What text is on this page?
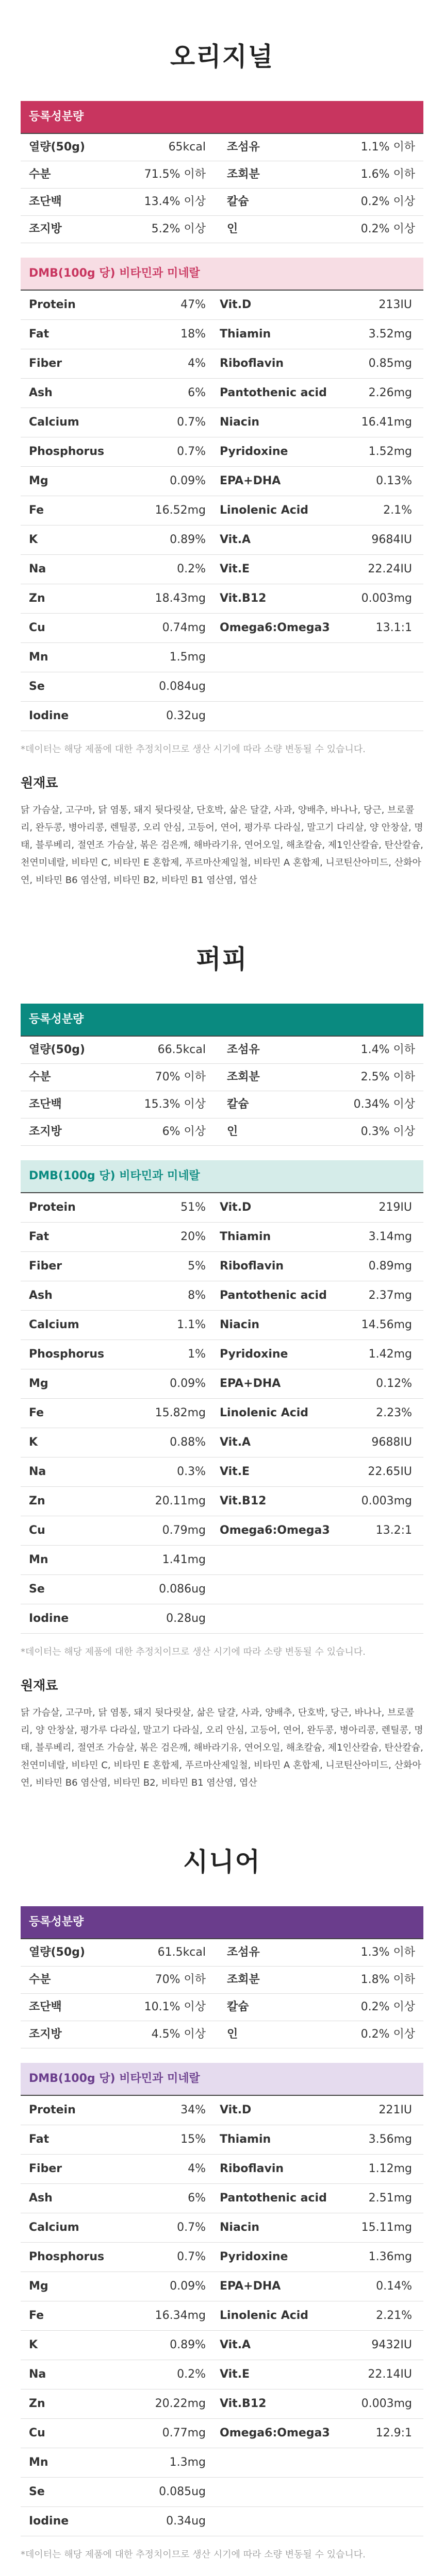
오리지널
등록성분량
열량(50g)	65kcal 조섬유	1.1% 이하
수분	71.5% 이하 조회분	1.6% 이하
조단백	13.4% 이상 칼슘	0.2% 이상
조지방	5.2% 이상 인	0.2% 이상
DMB(100g 당) 비타민과 미네랄
Protein	47% Vit.D	213IU
Fat	18% Thiamin	3.52mg
Fiber	4% Riboflavin	0.85mg
Ash	6% Pantothenic acid	2.26mg
Calcium	0.7% Niacin	16.41mg
Phosphorus	0.7% Pyridoxine	1.52mg
Mg	0.09% EPA+DHA	0.13%
Fe	16.52mg Linolenic Acid	2.1%
K	0.89% Vit.A	9684IU
Na	0.2% Vit.E	22.24IU
Zn	18.43mg Vit.B12	0.003mg
Cu	0.74mg Omega6:Omega3	13.1:1
Mn	1.5mg
Se	0.084ug
Iodine	0.32ug
*데이터는 해당 제품에 대한 추정치이므로 생산 시기에 따라 소량 변동될 수 있습니다.
원재료
닭 가슴살, 고구마, 닭 염통, 돼지 뒷다릿살, 단호박, 삶은 달걀, 사과, 양배추, 바나나, 당근, 브로콜리, 완두콩, 병아리콩, 렌틸콩, 오리 안심, 고등어, 연어, 평가루 다라실, 말고기 다리살, 양 안창살, 명태, 블루베리, 절연조 가슴살, 볶은 검은깨, 해바라기유, 연어오일, 해초칼슘, 제1인산칼슘, 탄산칼슘, 천연미네랄, 비타민 C, 비타민 E 혼합제, 푸르마산제일철, 비타민 A 혼합제, 니코틴산아미드, 산화아연, 비타민 B6 염산염, 비타민 B2, 비타민 B1 염산염, 엽산
퍼피
등록성분량
열량(50g)	66.5kcal 조섬유	1.4% 이하
수분	70% 이하 조회분	2.5% 이하
조단백	15.3% 이상 칼슘	0.34% 이상
조지방	6% 이상 인	0.3% 이상
DMB(100g 당) 비타민과 미네랄
Protein	51% Vit.D	219IU
Fat	20% Thiamin	3.14mg
Fiber	5% Riboflavin	0.89mg
Ash	8% Pantothenic acid	2.37mg
Calcium	1.1% Niacin	14.56mg
Phosphorus	1% Pyridoxine	1.42mg
Mg	0.09% EPA+DHA	0.12%
Fe	15.82mg Linolenic Acid	2.23%
K	0.88% Vit.A	9688IU
Na	0.3% Vit.E	22.65IU
Zn	20.11mg Vit.B12	0.003mg
Cu	0.79mg Omega6:Omega3	13.2:1
Mn	1.41mg
Se	0.086ug
Iodine	0.28ug
*데이터는 해당 제품에 대한 추정치이므로 생산 시기에 따라 소량 변동될 수 있습니다.
원재료
닭 가슴살, 고구마, 닭 염통, 돼지 뒷다릿살, 삶은 달걀, 사과, 양배추, 단호박, 당근, 바나나, 브로콜리, 양 안창살, 평가루 다라실, 말고기 다라실, 오리 안심, 고등어, 연어, 완두콩, 병아리콩, 렌틸콩, 명태, 블루베리, 절연조 가슴살, 볶은 검은깨, 해바라기유, 연어오일, 해초칼슘, 제1인산칼슘, 탄산칼슘, 천연미네랄, 비타민 C, 비타민 E 혼합제, 푸르마산제일철, 비타민 A 혼합제, 니코틴산아미드, 산화아연, 비타민 B6 염산염, 비타민 B2, 비타민 B1 염산염, 엽산
시니어
등록성분량
열량(50g)	61.5kcal 조섬유	1.3% 이하
수분	70% 이하 조회분	1.8% 이하
조단백	10.1% 이상 칼슘	0.2% 이상
조지방	4.5% 이상 인	0.2% 이상
DMB(100g 당) 비타민과 미네랄
Protein	34% Vit.D	221IU
Fat	15% Thiamin	3.56mg
Fiber	4% Riboflavin	1.12mg
Ash	6% Pantothenic acid	2.51mg
Calcium	0.7% Niacin	15.11mg
Phosphorus	0.7% Pyridoxine	1.36mg
Mg	0.09% EPA+DHA	0.14%
Fe	16.34mg Linolenic Acid	2.21%
K	0.89% Vit.A	9432IU
Na	0.2% Vit.E	22.14IU
Zn	20.22mg Vit.B12	0.003mg
Cu	0.77mg Omega6:Omega3	12.9:1
Mn	1.3mg
Se	0.085ug
Iodine	0.34ug
*데이터는 해당 제품에 대한 추정치이므로 생산 시기에 따라 소량 변동될 수 있습니다.
